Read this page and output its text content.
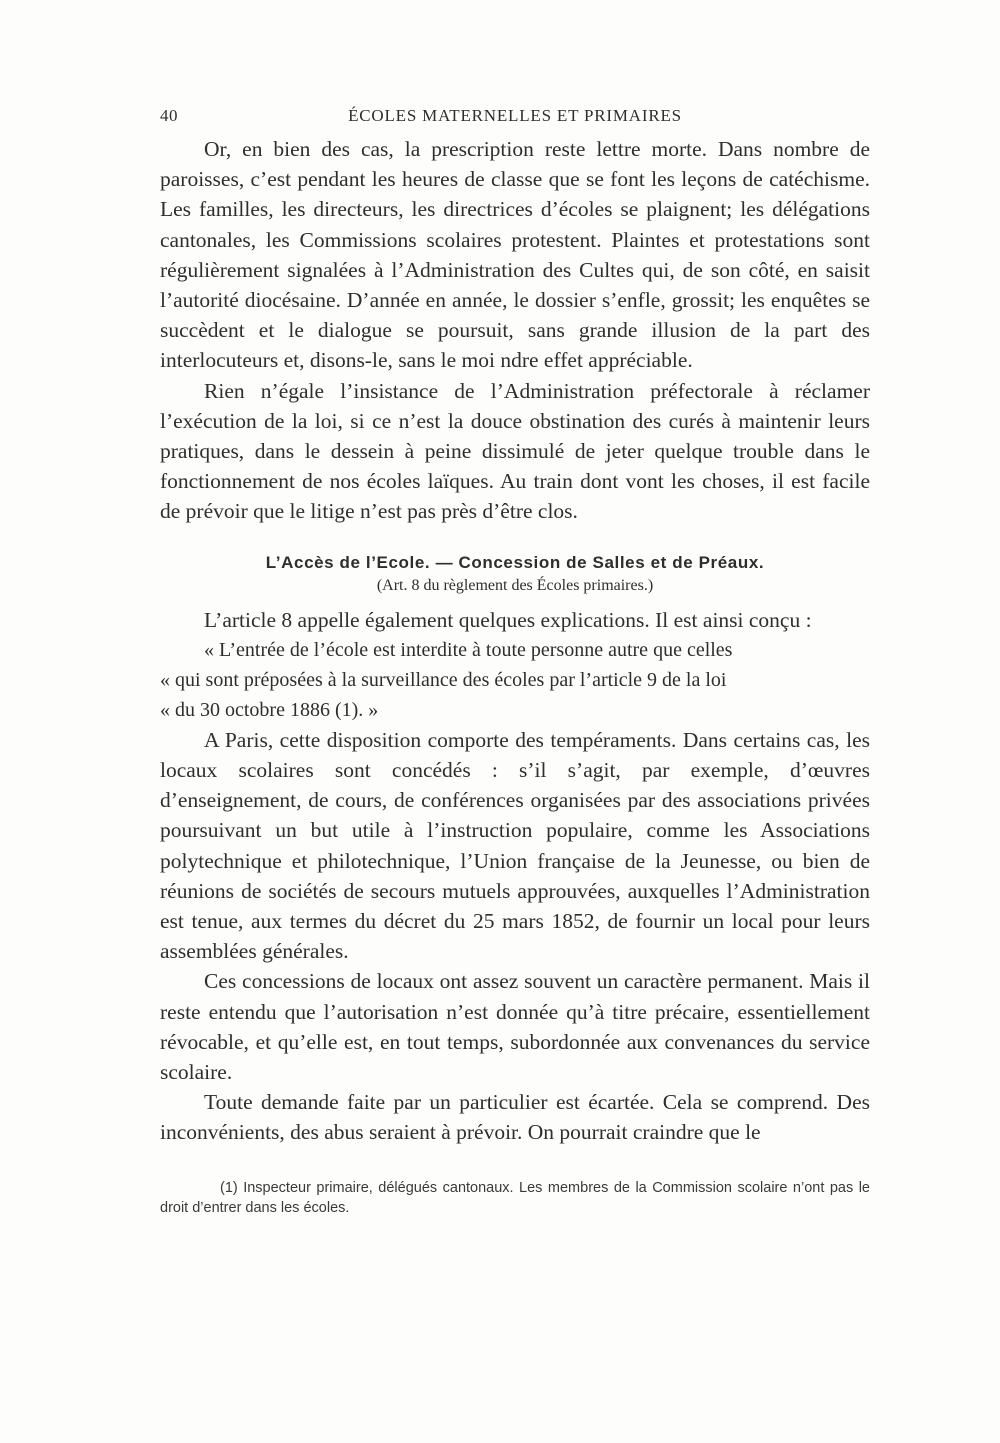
40	ÉCOLES MATERNELLES ET PRIMAIRES

Or, en bien des cas, la prescription reste lettre morte. Dans nombre de paroisses, c’est pendant les heures de classe que se font les leçons de catéchisme. Les familles, les directeurs, les directrices d’écoles se plaignent; les délégations cantonales, les Commissions scolaires protestent. Plaintes et protestations sont régulièrement signalées à l’Administration des Cultes qui, de son côté, en saisit l’autorité diocésaine. D’année en année, le dossier s’enfle, grossit; les enquêtes se succèdent et le dialogue se poursuit, sans grande illusion de la part des interlocuteurs et, disons-le, sans le moi ndre effet appréciable.

Rien n’égale l’insistance de l’Administration préfectorale à réclamer l’exécution de la loi, si ce n’est la douce obstination des curés à maintenir leurs pratiques, dans le dessein à peine dissimulé de jeter quelque trouble dans le fonctionnement de nos écoles laïques. Au train dont vont les choses, il est facile de prévoir que le litige n’est pas près d’être clos.

L’Accès de l’Ecole. — Concession de Salles et de Préaux.
(Art. 8 du règlement des Écoles primaires.)

L’article 8 appelle également quelques explications. Il est ainsi conçu :

« L’entrée de l’école est interdite à toute personne autre que celles
« qui sont préposées à la surveillance des écoles par l’article 9 de la loi
« du 30 octobre 1886 (1). »

A Paris, cette disposition comporte des tempéraments. Dans certains cas, les locaux scolaires sont concédés : s’il s’agit, par exemple, d’œuvres d’enseignement, de cours, de conférences organisées par des associations privées poursuivant un but utile à l’instruction populaire, comme les Associations polytechnique et philotechnique, l’Union française de la Jeunesse, ou bien de réunions de sociétés de secours mutuels approuvées, auxquelles l’Administration est tenue, aux termes du décret du 25 mars 1852, de fournir un local pour leurs assemblées générales.

Ces concessions de locaux ont assez souvent un caractère permanent. Mais il reste entendu que l’autorisation n’est donnée qu’à titre précaire, essentiellement révocable, et qu’elle est, en tout temps, subordonnée aux convenances du service scolaire.

Toute demande faite par un particulier est écartée. Cela se comprend. Des inconvénients, des abus seraient à prévoir. On pourrait craindre que le

(1) Inspecteur primaire, délégués cantonaux. Les membres de la Commission scolaire n’ont pas le droit d’entrer dans les écoles.
